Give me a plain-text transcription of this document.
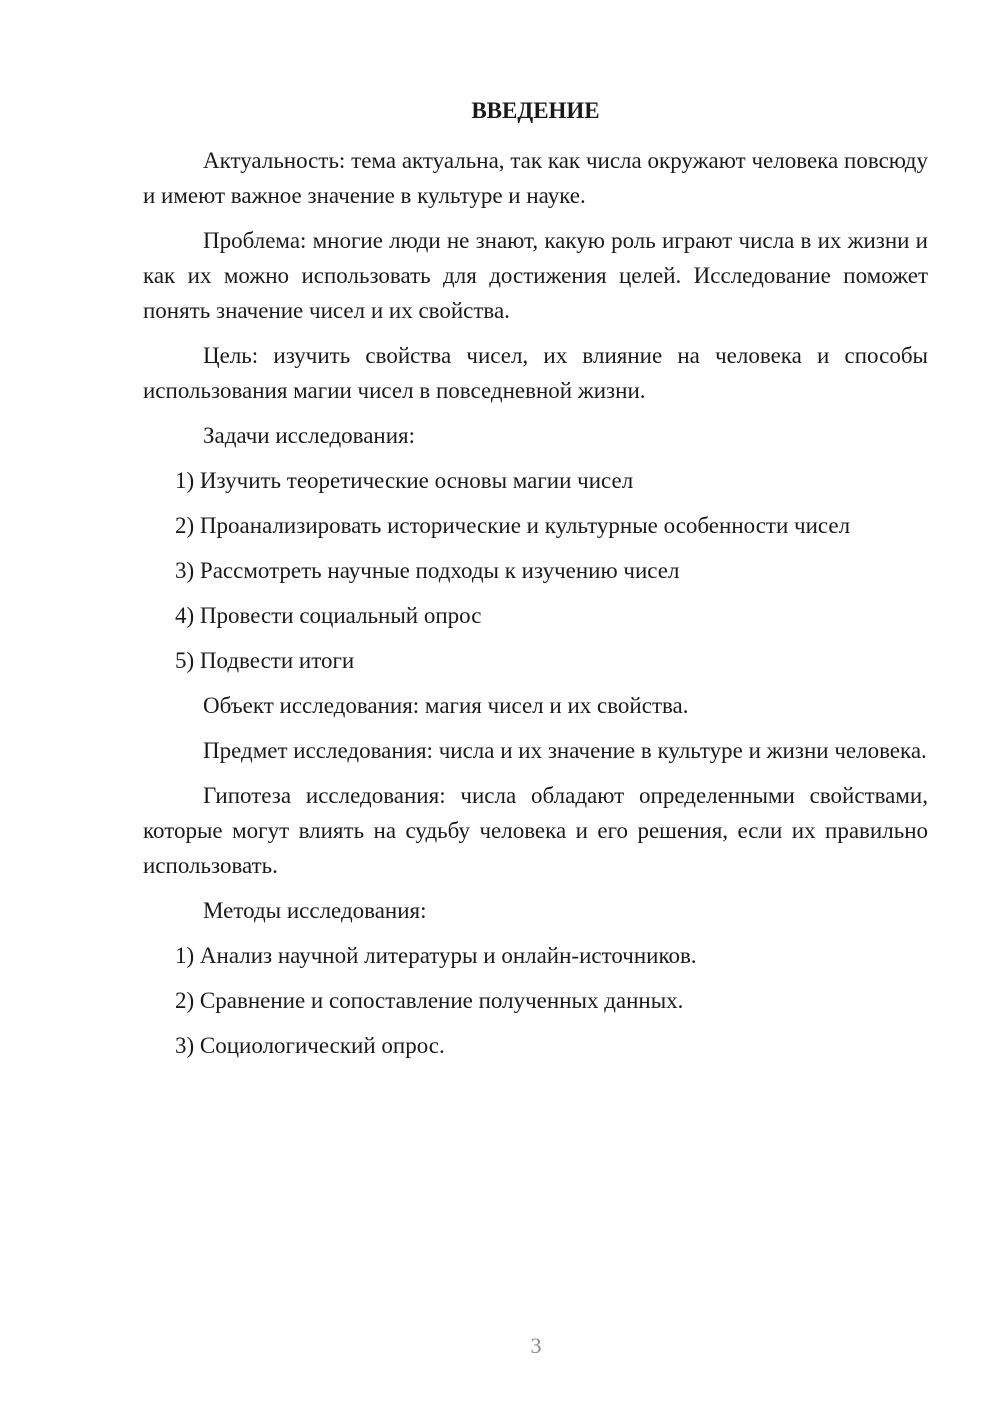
ВВЕДЕНИЕ
Актуальность: тема актуальна, так как числа окружают человека повсюду и имеют важное значение в культуре и науке.
Проблема: многие люди не знают, какую роль играют числа в их жизни и как их можно использовать для достижения целей. Исследование поможет понять значение чисел и их свойства.
Цель: изучить свойства чисел, их влияние на человека и способы использования магии чисел в повседневной жизни.
Задачи исследования:
1) Изучить теоретические основы магии чисел
2) Проанализировать исторические и культурные особенности чисел
3) Рассмотреть научные подходы к изучению чисел
4) Провести социальный опрос
5) Подвести итоги
Объект исследования: магия чисел и их свойства.
Предмет исследования: числа и их значение в культуре и жизни человека.
Гипотеза исследования: числа обладают определенными свойствами, которые могут влиять на судьбу человека и его решения, если их правильно использовать.
Методы исследования:
1) Анализ научной литературы и онлайн-источников.
2) Сравнение и сопоставление полученных данных.
3) Социологический опрос.
3
